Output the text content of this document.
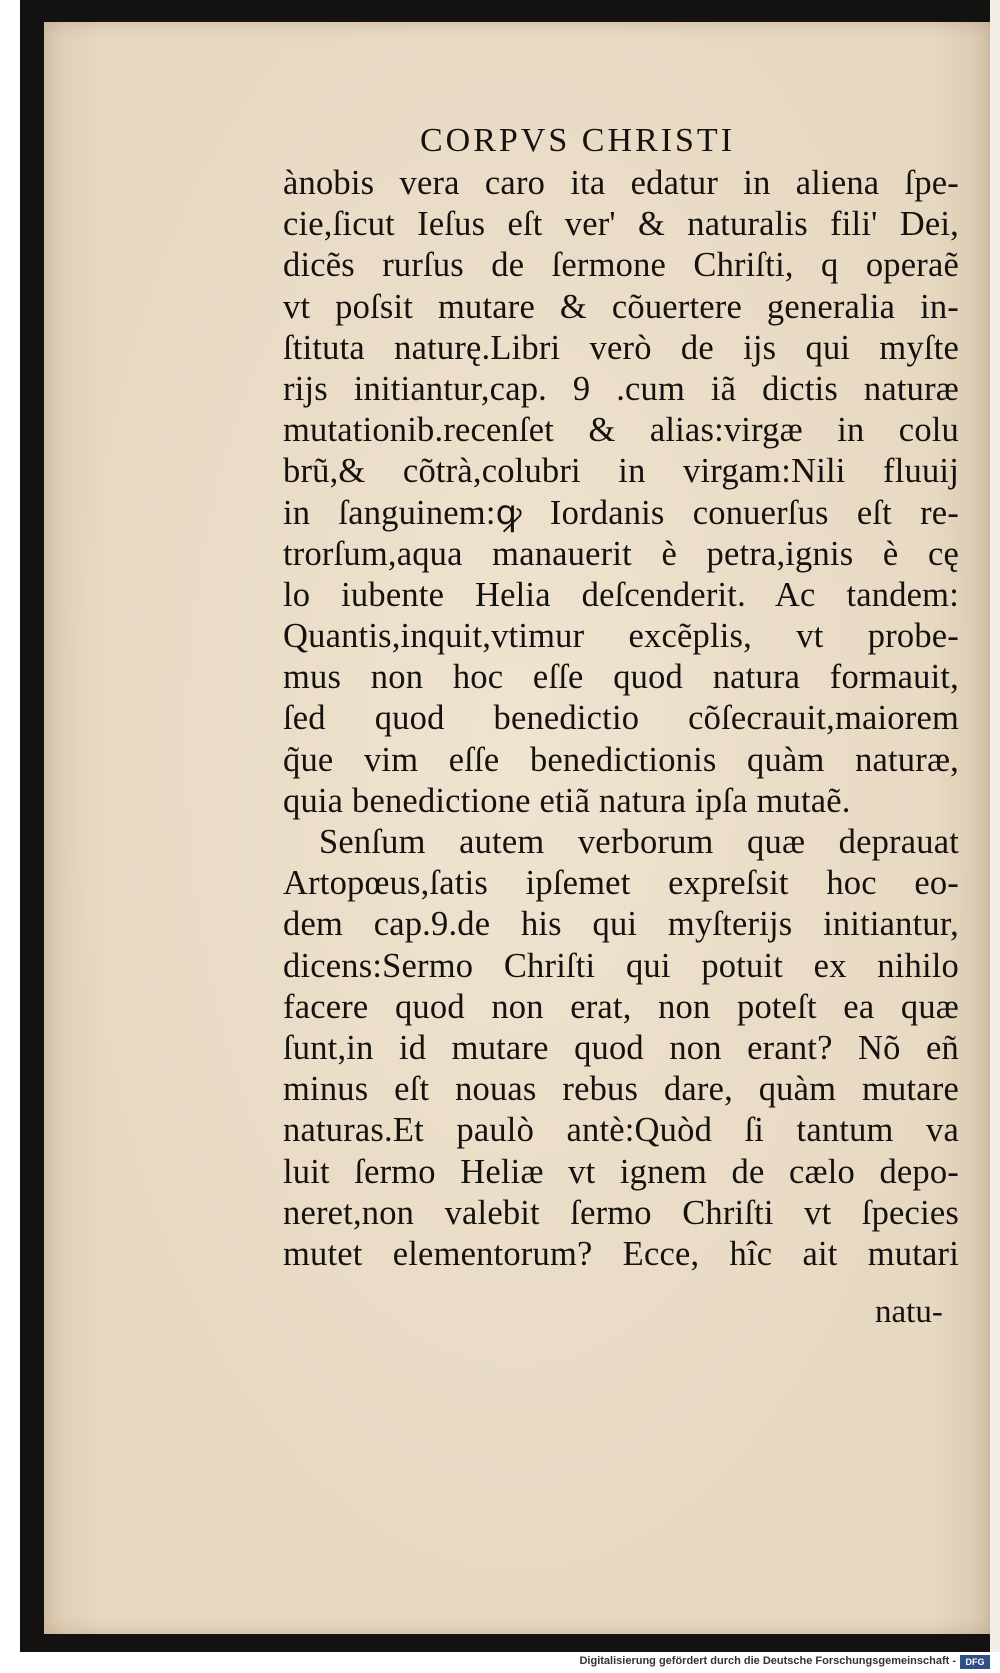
CORPVS CHRISTI
ànobis vera caro ita edatur in aliena ſpe-
cie,ſicut Ieſus eſt ver' & naturalis fili' Dei,
dicẽs rurſus de ſermone Chriſti, q operaẽ
vt poſsit mutare & cõuertere generalia in-
ſtituta naturę.Libri verò de ijs qui myſte
rijs initiantur,cap. 9 .cum iã dictis naturæ
mutationib.recenſet & alias:virgæ in colu
brũ,& cõtrà,colubri in virgam:Nili fluuij
in ſanguinem:ꝙ Iordanis conuerſus eſt re-
trorſum,aqua manauerit è petra,ignis è cę
lo iubente Helia deſcenderit. Ac tandem:
Quantis,inquit,vtimur excẽplis, vt probe-
mus non hoc eſſe quod natura formauit,
ſed quod benedictio cõſecrauit,maiorem
q̃ue vim eſſe benedictionis quàm naturæ,
quia benedictione etiã natura ipſa mutaẽ.
Senſum autem verborum quæ deprauat
Artopœus,ſatis ipſemet expreſsit hoc eo-
dem cap.9.de his qui myſterijs initiantur,
dicens:Sermo Chriſti qui potuit ex nihilo
facere quod non erat, non poteſt ea quæ
ſunt,in id mutare quod non erant? Nõ eñ
minus eſt nouas rebus dare, quàm mutare
naturas.Et paulò antè:Quòd ſi tantum va
luit ſermo Heliæ vt ignem de cælo depo-
neret,non valebit ſermo Chriſti vt ſpecies
mutet elementorum? Ecce, hîc ait mutari
natu-
Digitalisierung gefördert durch die Deutsche Forschungsgemeinschaft -	DFG
